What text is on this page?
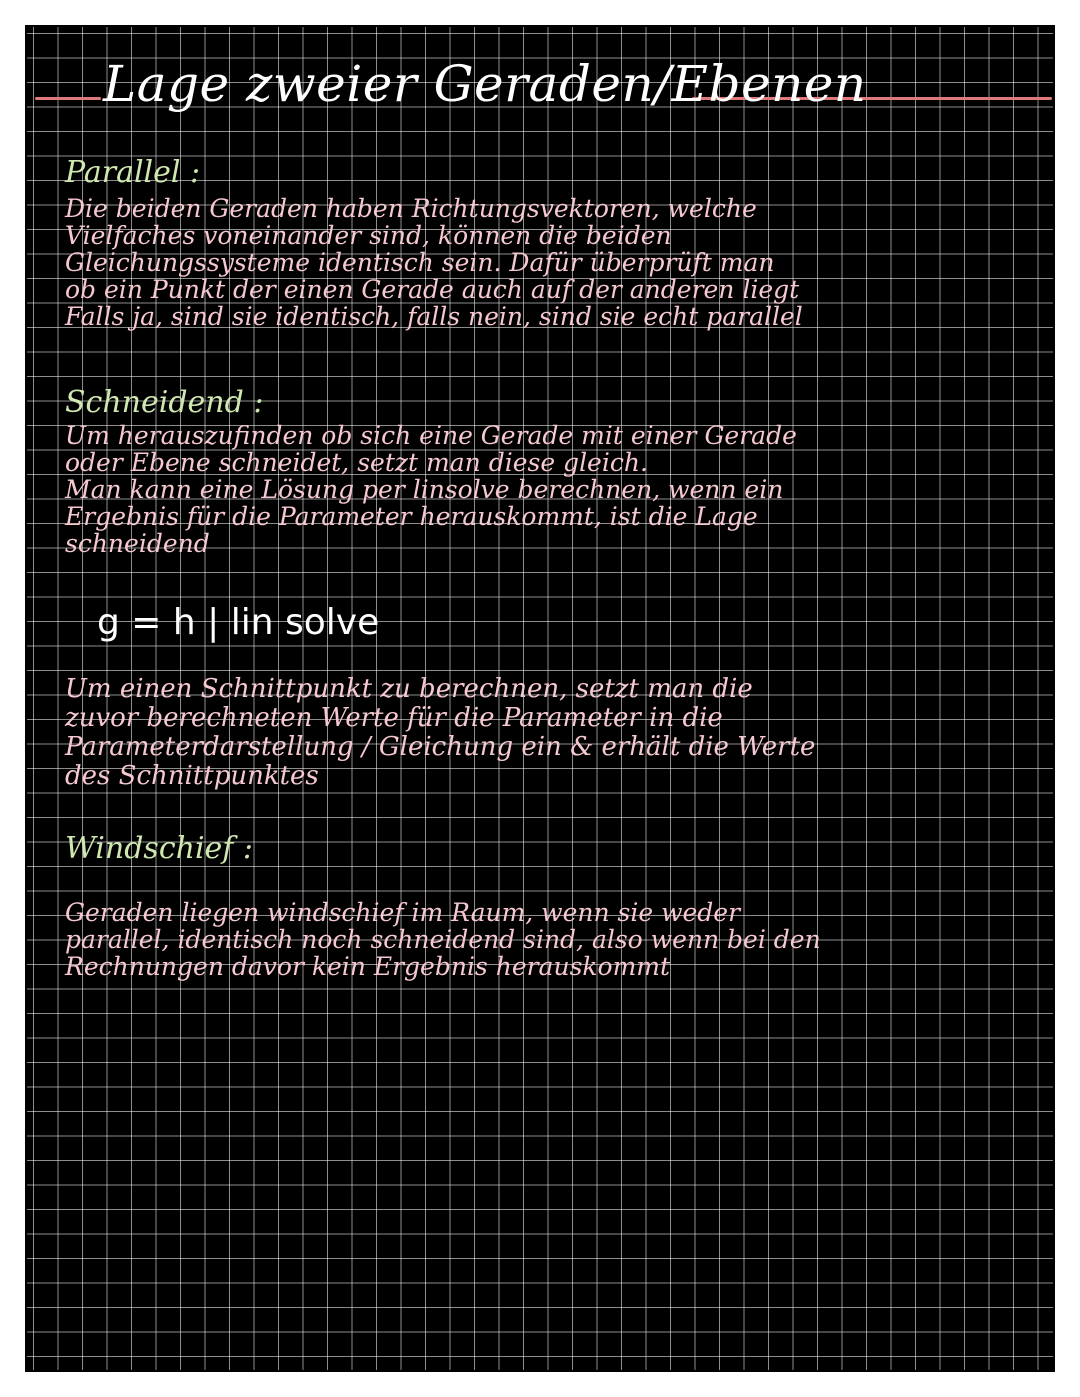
Lage zweier Geraden/Ebenen
Parallel :
Die beiden Geraden haben Richtungsvektoren, welche
Vielfaches voneinander sind, können die beiden
Gleichungssysteme identisch sein. Dafür überprüft man
ob ein Punkt der einen Gerade auch auf der anderen liegt
Falls ja, sind sie identisch, falls nein, sind sie echt parallel
Schneidend :
Um herauszufinden ob sich eine Gerade mit einer Gerade
oder Ebene schneidet, setzt man diese gleich.
Man kann eine Lösung per linsolve berechnen, wenn ein
Ergebnis für die Parameter herauskommt, ist die Lage
schneidend
g = h | lin solve
Um einen Schnittpunkt zu berechnen, setzt man die
zuvor berechneten Werte für die Parameter in die
Parameterdarstellung / Gleichung ein & erhält die Werte
des Schnittpunktes
Windschief :
Geraden liegen windschief im Raum, wenn sie weder
parallel, identisch noch schneidend sind, also wenn bei den
Rechnungen davor kein Ergebnis herauskommt
